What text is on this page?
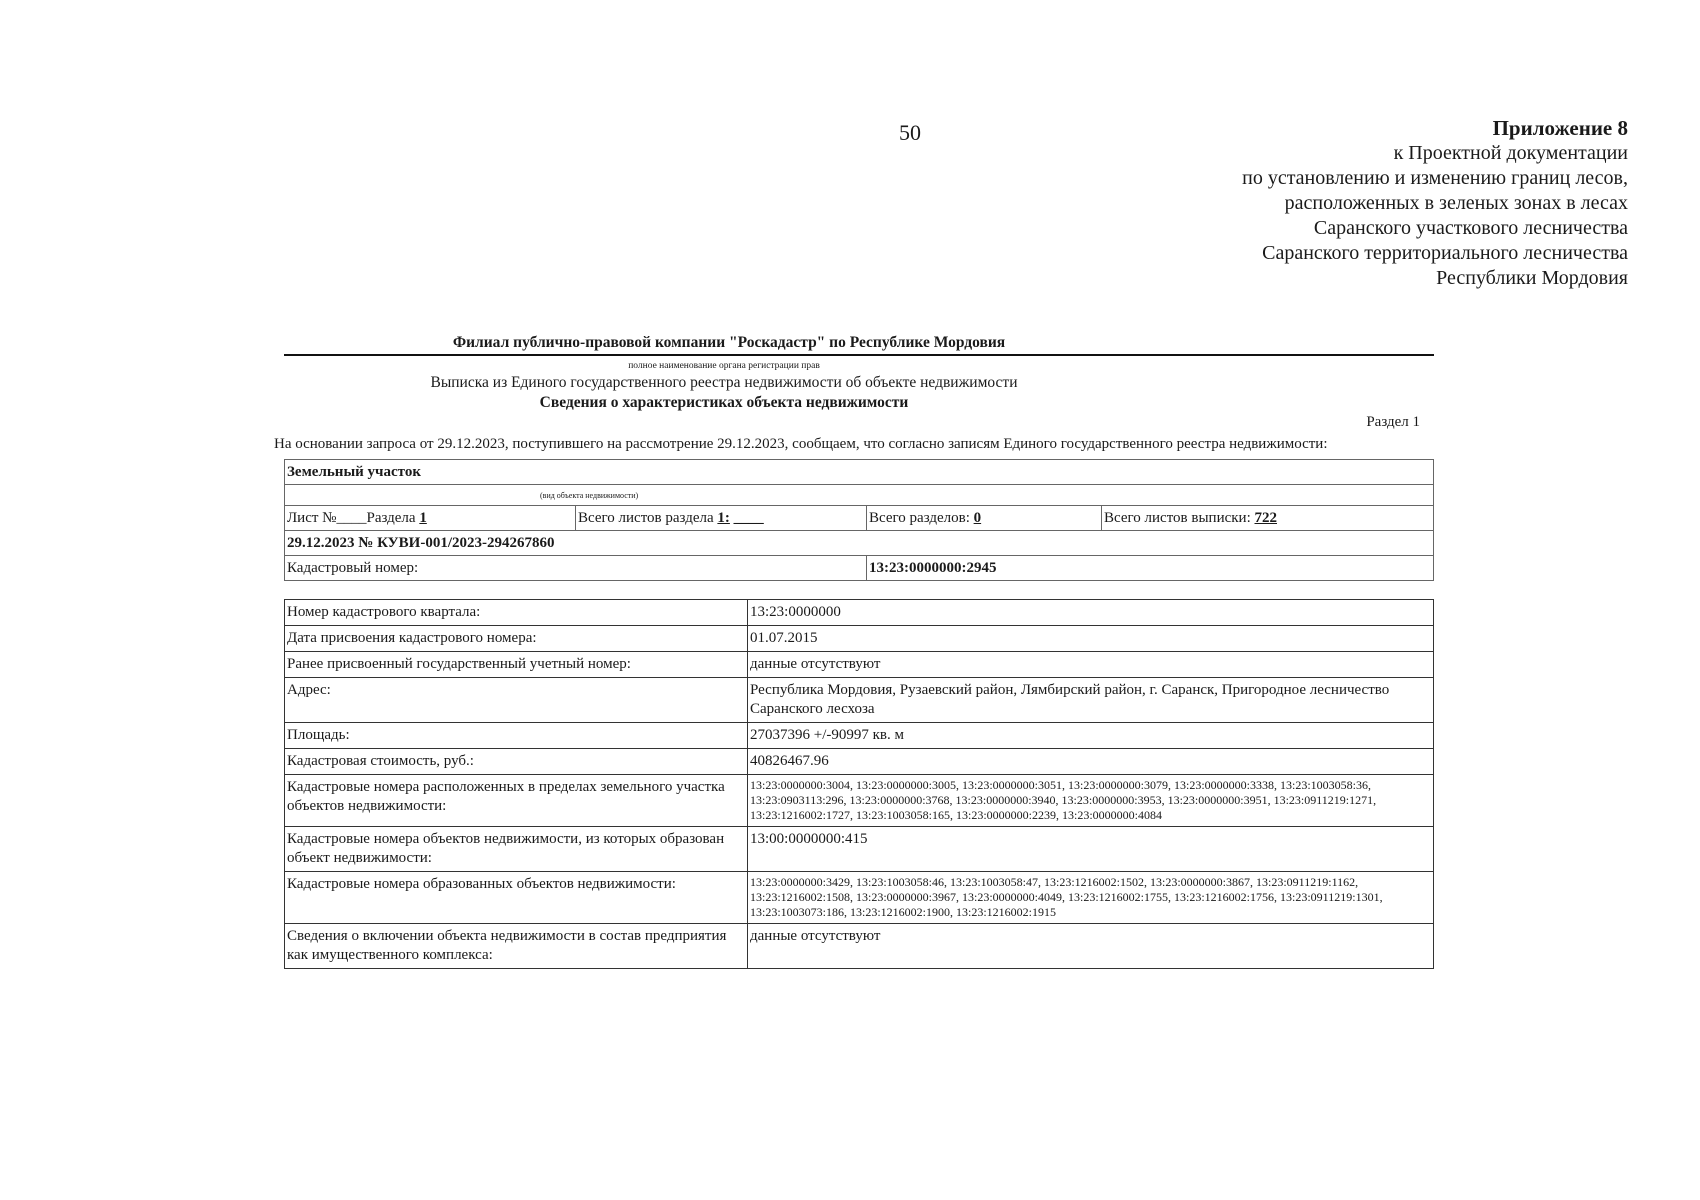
50	Приложение 8
к Проектной документации
по установлению и изменению границ лесов,
расположенных в зеленых зонах в лесах
Саранского участкового лесничества
Саранского территориального лесничества
Республики Мордовия
Филиал публично-правовой компании "Роскадастр" по Республике Мордовия
полное наименование органа регистрации прав
Выписка из Единого государственного реестра недвижимости об объекте недвижимости
Сведения о характеристиках объекта недвижимости
Раздел 1
На основании запроса от 29.12.2023, поступившего на рассмотрение 29.12.2023, сообщаем, что согласно записям Единого государственного реестра недвижимости:
Земельный участок			
(вид объекта недвижимости)			
Лист №____Раздела 1	Всего листов раздела 1: ____	Всего разделов: 0	Всего листов выписки: 722
29.12.2023 № КУВИ-001/2023-294267860			
Кадастровый номер:		13:23:0000000:2945	
Номер кадастрового квартала:	13:23:0000000
Дата присвоения кадастрового номера:	01.07.2015
Ранее присвоенный государственный учетный номер:	данные отсутствуют
Адрес:	Республика Мордовия, Рузаевский район, Лямбирский район, г. Саранск, Пригородное лесничество Саранского лесхоза
Площадь:	27037396 +/-90997 кв. м
Кадастровая стоимость, руб.:	40826467.96
Кадастровые номера расположенных в пределах земельного участка объектов недвижимости:	13:23:0000000:3004, 13:23:0000000:3005, 13:23:0000000:3051, 13:23:0000000:3079, 13:23:0000000:3338, 13:23:1003058:36, 13:23:0903113:296, 13:23:0000000:3768, 13:23:0000000:3940, 13:23:0000000:3953, 13:23:0000000:3951, 13:23:0911219:1271, 13:23:1216002:1727, 13:23:1003058:165, 13:23:0000000:2239, 13:23:0000000:4084
Кадастровые номера объектов недвижимости, из которых образован объект недвижимости:	13:00:0000000:415
Кадастровые номера образованных объектов недвижимости:	13:23:0000000:3429, 13:23:1003058:46, 13:23:1003058:47, 13:23:1216002:1502, 13:23:0000000:3867, 13:23:0911219:1162, 13:23:1216002:1508, 13:23:0000000:3967, 13:23:0000000:4049, 13:23:1216002:1755, 13:23:1216002:1756, 13:23:0911219:1301, 13:23:1003073:186, 13:23:1216002:1900, 13:23:1216002:1915
Сведения о включении объекта недвижимости в состав предприятия как имущественного комплекса:	данные отсутствуют
